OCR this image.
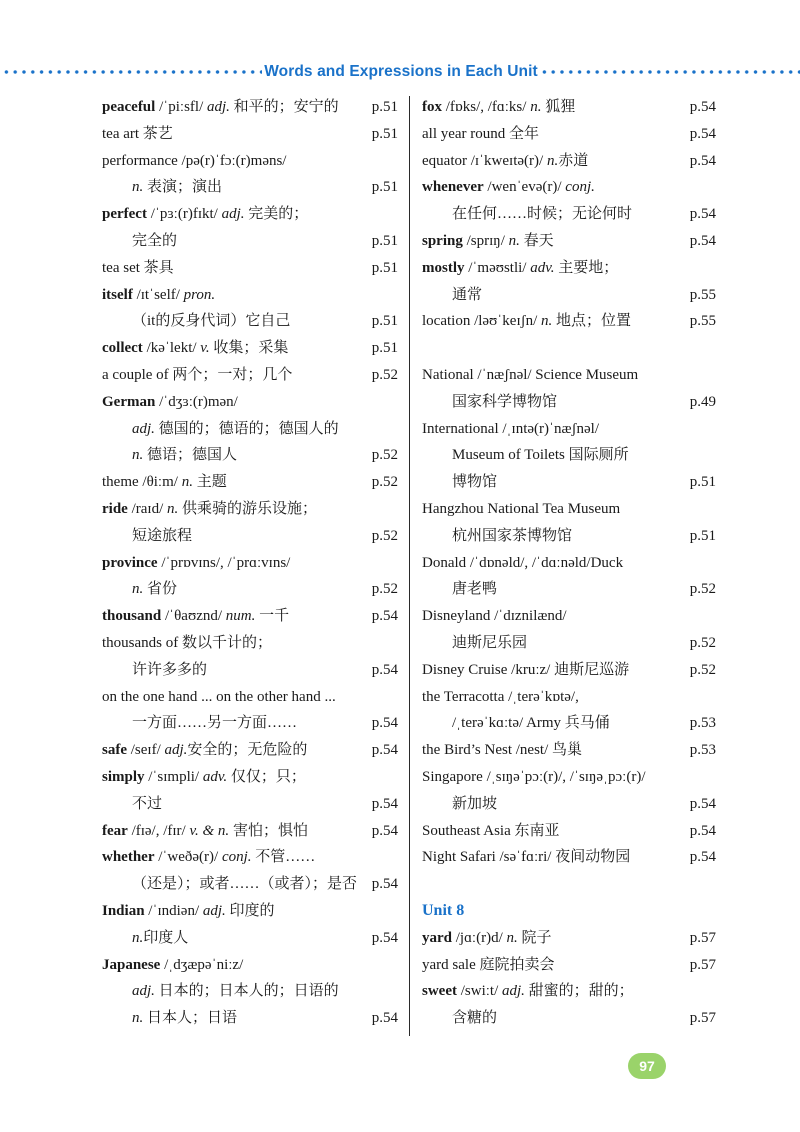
Words and Expressions in Each Unit
peaceful /ˈpiːsfl/ adj. 和平的；安宁的 p.51
tea art 茶艺	p.51
performance /pə(r)ˈfɔː(r)məns/
n. 表演；演出	p.51
perfect /ˈpɜː(r)fɪkt/ adj. 完美的；
完全的	p.51
tea set 茶具	p.51
itself /ɪtˈself/ pron.
（it的反身代词）它自己	p.51
collect /kəˈlekt/ v. 收集；采集	p.51
a couple of 两个；一对；几个	p.52
German /ˈdʒɜː(r)mən/
adj. 德国的；德语的；德国人的
n. 德语；德国人	p.52
theme /θiːm/ n. 主题	p.52
ride /raɪd/ n. 供乘骑的游乐设施；
短途旅程	p.52
province /ˈprɒvɪns/, /ˈprɑːvɪns/
n. 省份	p.52
thousand /ˈθaʊznd/ num. 一千	p.54
thousands of 数以千计的；
许许多多的	p.54
on the one hand ... on the other hand ...
一方面……另一方面……	p.54
safe /seɪf/ adj.安全的；无危险的	p.54
simply /ˈsɪmpli/ adv. 仅仅；只；
不过	p.54
fear /fɪə/, /fɪr/ v. & n. 害怕；惧怕	p.54
whether /ˈweðə(r)/ conj. 不管……
（还是）；或者……（或者）；是否 p.54
Indian /ˈɪndiən/ adj. 印度的
n.印度人	p.54
Japanese /ˌdʒæpəˈniːz/
adj. 日本的；日本人的；日语的
n. 日本人；日语	p.54
fox /fɒks/, /fɑːks/ n. 狐狸	p.54
all year round 全年	p.54
equator /ɪˈkweɪtə(r)/ n.赤道	p.54
whenever /wenˈevə(r)/ conj.
在任何……时候；无论何时	p.54
spring /sprɪŋ/ n. 春天	p.54
mostly /ˈməʊstli/ adv. 主要地；
通常	p.55
location /ləʊˈkeɪʃn/ n. 地点；位置	p.55
National /ˈnæʃnəl/ Science Museum
国家科学博物馆	p.49
International /ˌɪntə(r)ˈnæʃnəl/
Museum of Toilets 国际厕所
博物馆	p.51
Hangzhou National Tea Museum
杭州国家茶博物馆	p.51
Donald /ˈdɒnəld/, /ˈdɑːnəld/Duck
唐老鸭	p.52
Disneyland /ˈdɪznilænd/
迪斯尼乐园	p.52
Disney Cruise /kruːz/ 迪斯尼巡游	p.52
the Terracotta /ˌterəˈkɒtə/,
/ˌterəˈkɑːtə/ Army 兵马俑	p.53
the Bird’s Nest /nest/ 鸟巢	p.53
Singapore /ˌsɪŋəˈpɔː(r)/, /ˈsɪŋəˌpɔː(r)/
新加坡	p.54
Southeast Asia 东南亚	p.54
Night Safari /səˈfɑːri/ 夜间动物园	p.54
Unit 8
yard /jɑː(r)d/ n. 院子	p.57
yard sale 庭院拍卖会	p.57
sweet /swiːt/ adj. 甜蜜的；甜的；
含糖的	p.57
97
